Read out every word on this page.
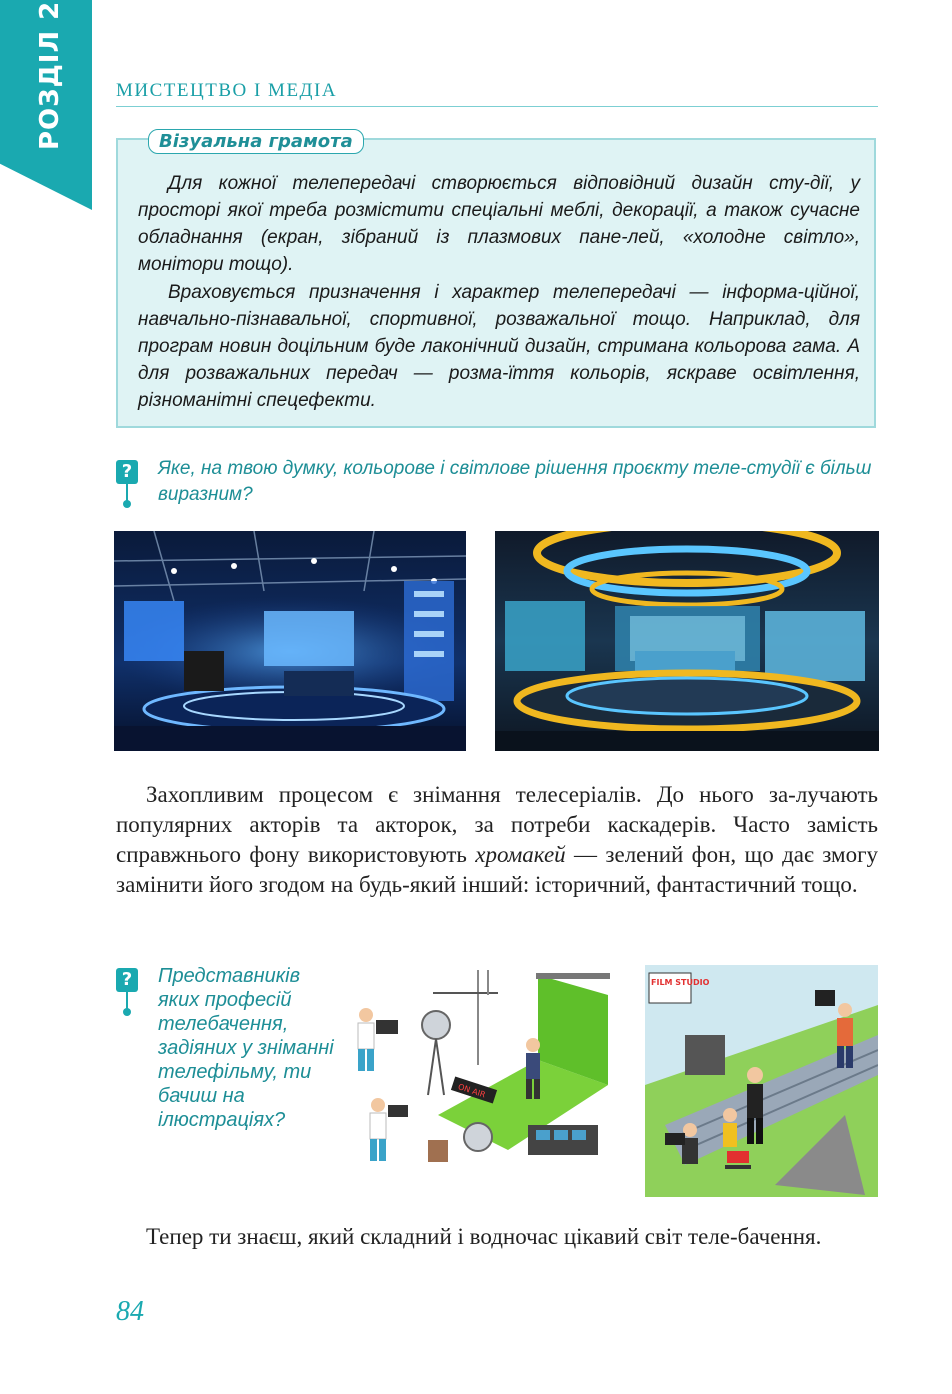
РОЗДІЛ 2	МИСТЕЦТВО І МЕДІА
Візуальна грамота

Для кожної телепередачі створюється відповідний дизайн сту-дії, у просторі якої треба розмістити спеціальні меблі, декорації, а також сучасне обладнання (екран, зібраний із плазмових пане-лей, «холодне світло», монітори тощо).

Враховується призначення і характер телепередачі — інформа-ційної, навчально-пізнавальної, спортивної, розважальної тощо. Наприклад, для програм новин доцільним буде лаконічний дизайн, стримана кольорова гама. А для розважальних передач — розма-їття кольорів, яскраве освітлення, різноманітні спецефекти.

?	Яке, на твою думку, кольорове і світлове рішення проєкту теле-студії є більш виразним?

Захопливим процесом є знімання телесеріалів. До нього за-лучають популярних акторів та акторок, за потреби каскадерів. Часто замість справжнього фону використовують хромакей — зелений фон, що дає змогу замінити його згодом на будь-який інший: історичний, фантастичний тощо.

? Представників яких професій телебачення, задіяних у зніманні телефільму, ти бачиш на ілюстраціях?

ON AIR
FILM STUDIO

Тепер ти знаєш, який складний і водночас цікавий світ теле-бачення.

84
